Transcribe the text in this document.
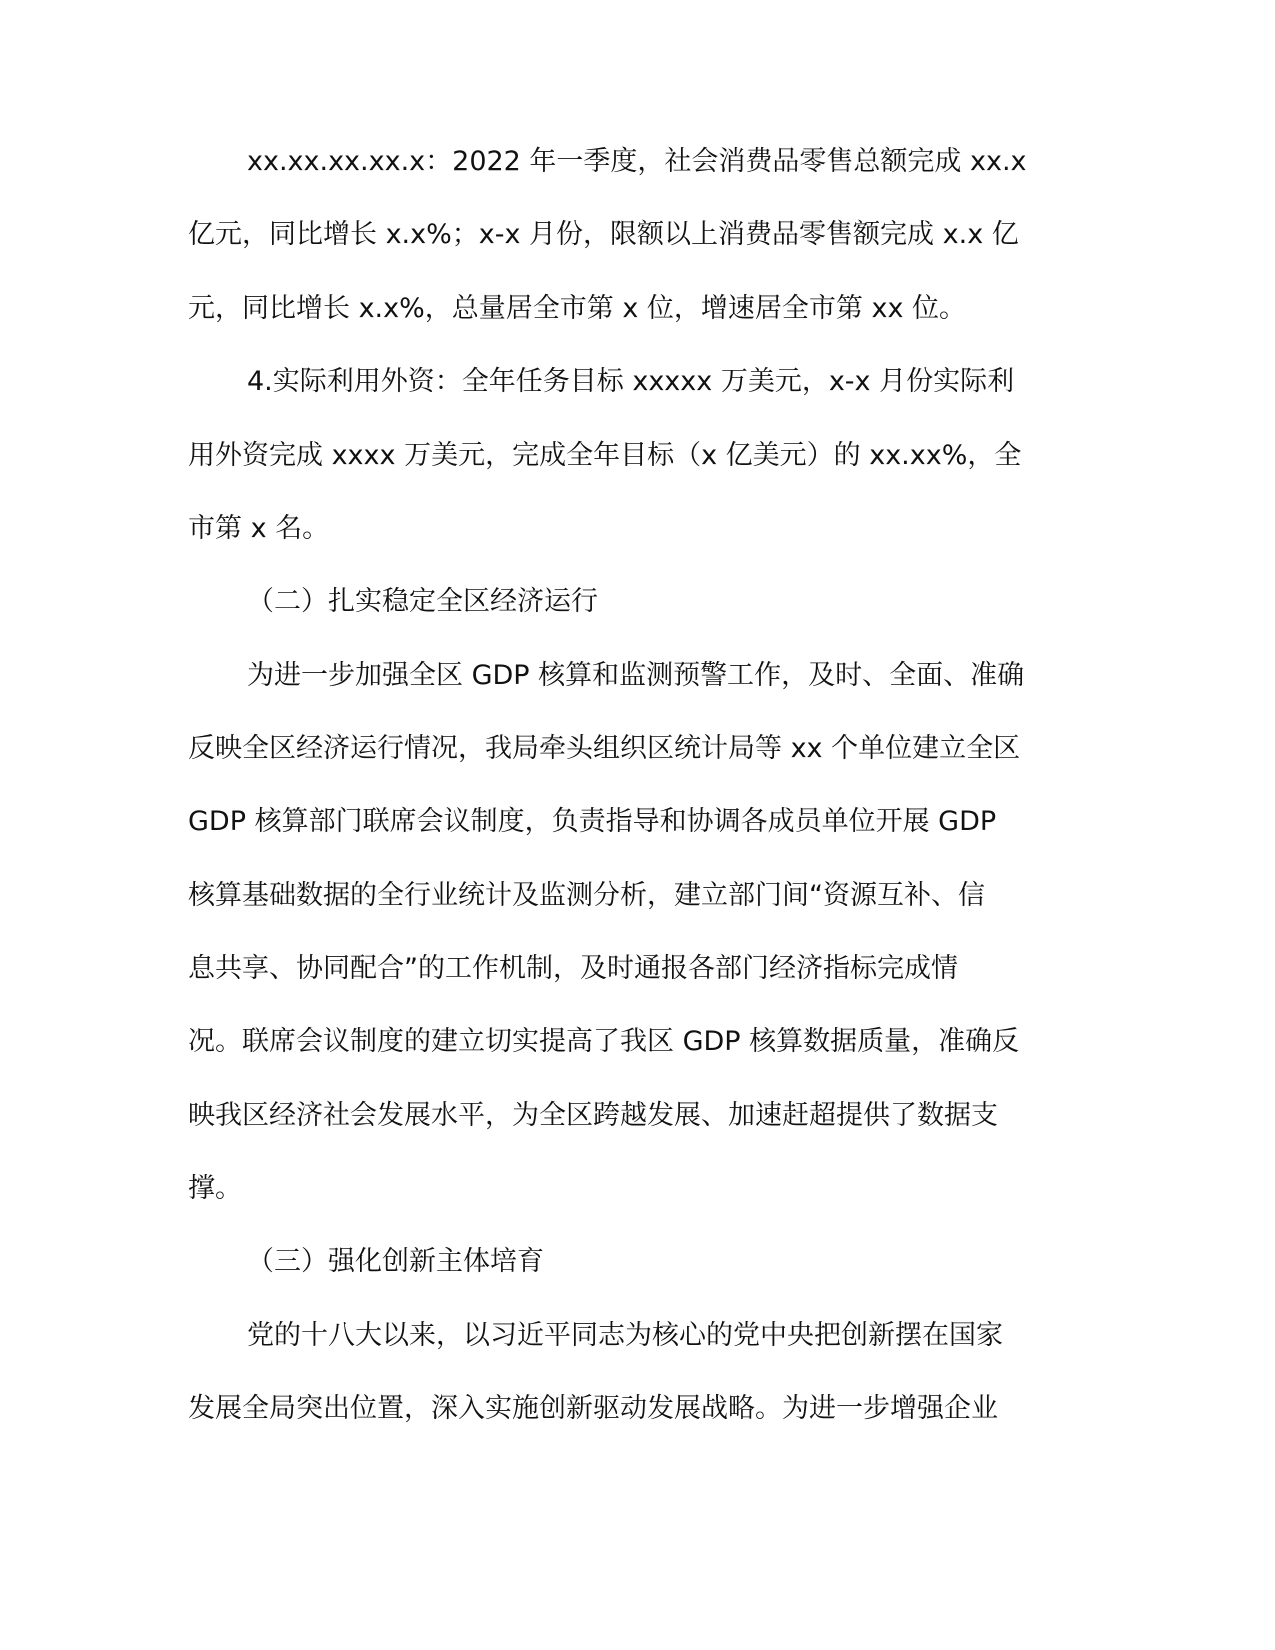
xx.xx.xx.xx.x：2022 年一季度，社会消费品零售总额完成 xx.x
亿元，同比增长 x.x%；x-x 月份，限额以上消费品零售额完成 x.x 亿
元，同比增长 x.x%，总量居全市第 x 位，增速居全市第 xx 位。
4.实际利用外资：全年任务目标 xxxxx 万美元，x-x 月份实际利
用外资完成 xxxx 万美元，完成全年目标（x 亿美元）的 xx.xx%，全
市第 x 名。
（二）扎实稳定全区经济运行
为进一步加强全区 GDP 核算和监测预警工作，及时、全面、准确
反映全区经济运行情况，我局牵头组织区统计局等 xx 个单位建立全区
GDP 核算部门联席会议制度，负责指导和协调各成员单位开展 GDP
核算基础数据的全行业统计及监测分析，建立部门间“资源互补、信
息共享、协同配合”的工作机制，及时通报各部门经济指标完成情
况。联席会议制度的建立切实提高了我区 GDP 核算数据质量，准确反
映我区经济社会发展水平，为全区跨越发展、加速赶超提供了数据支
撑。
（三）强化创新主体培育
党的十八大以来，以习近平同志为核心的党中央把创新摆在国家
发展全局突出位置，深入实施创新驱动发展战略。为进一步增强企业
